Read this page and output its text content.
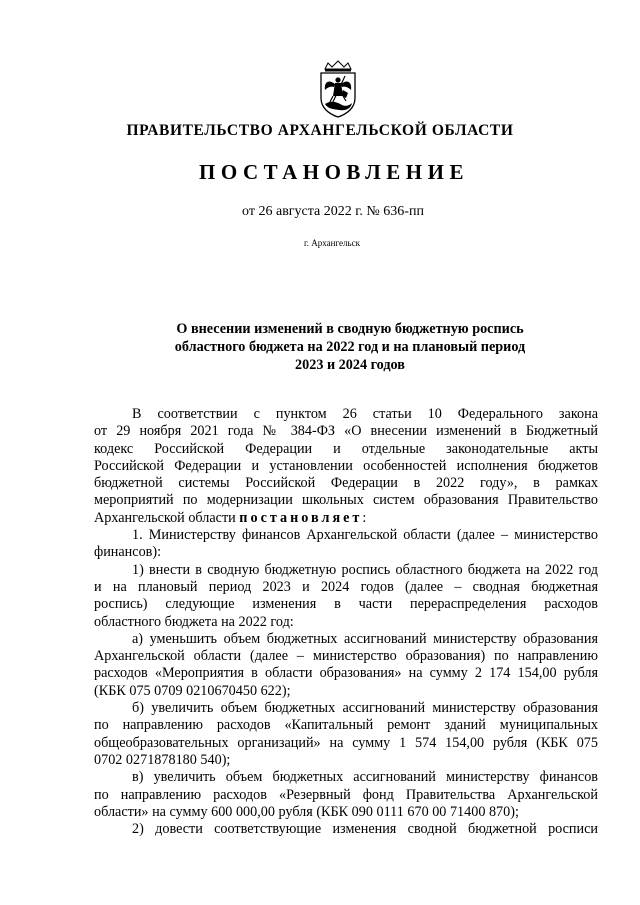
ПРАВИТЕЛЬСТВО АРХАНГЕЛЬСКОЙ ОБЛАСТИ
ПОСТАНОВЛЕНИЕ
от 26 августа 2022 г. № 636-пп
г. Архангельск
О внесении изменений в сводную бюджетную роспись
областного бюджета на 2022 год и на плановый период
2023 и 2024 годов
В соответствии с пунктом 26 статьи 10 Федерального закона
от 29 ноября 2021 года № 384-ФЗ «О внесении изменений в Бюджетный
кодекс Российской Федерации и отдельные законодательные акты
Российской Федерации и установлении особенностей исполнения бюджетов
бюджетной системы Российской Федерации в 2022 году», в рамках
мероприятий по модернизации школьных систем образования Правительство
Архангельской области постановляет:
1. Министерству финансов Архангельской области (далее – министерство
финансов):
1) внести в сводную бюджетную роспись областного бюджета на 2022 год
и на плановый период 2023 и 2024 годов (далее – сводная бюджетная
роспись) следующие изменения в части перераспределения расходов
областного бюджета на 2022 год:
а) уменьшить объем бюджетных ассигнований министерству образования
Архангельской области (далее – министерство образования) по направлению
расходов «Мероприятия в области образования» на сумму 2 174 154,00 рубля
(КБК 075 0709 0210670450 622);
б) увеличить объем бюджетных ассигнований министерству образования
по направлению расходов «Капитальный ремонт зданий муниципальных
общеобразовательных организаций» на сумму 1 574 154,00 рубля (КБК 075
0702 0271878180 540);
в) увеличить объем бюджетных ассигнований министерству финансов
по направлению расходов «Резервный фонд Правительства Архангельской
области» на сумму 600 000,00 рубля (КБК 090 0111 670 00 71400 870);
2) довести соответствующие изменения сводной бюджетной росписи
